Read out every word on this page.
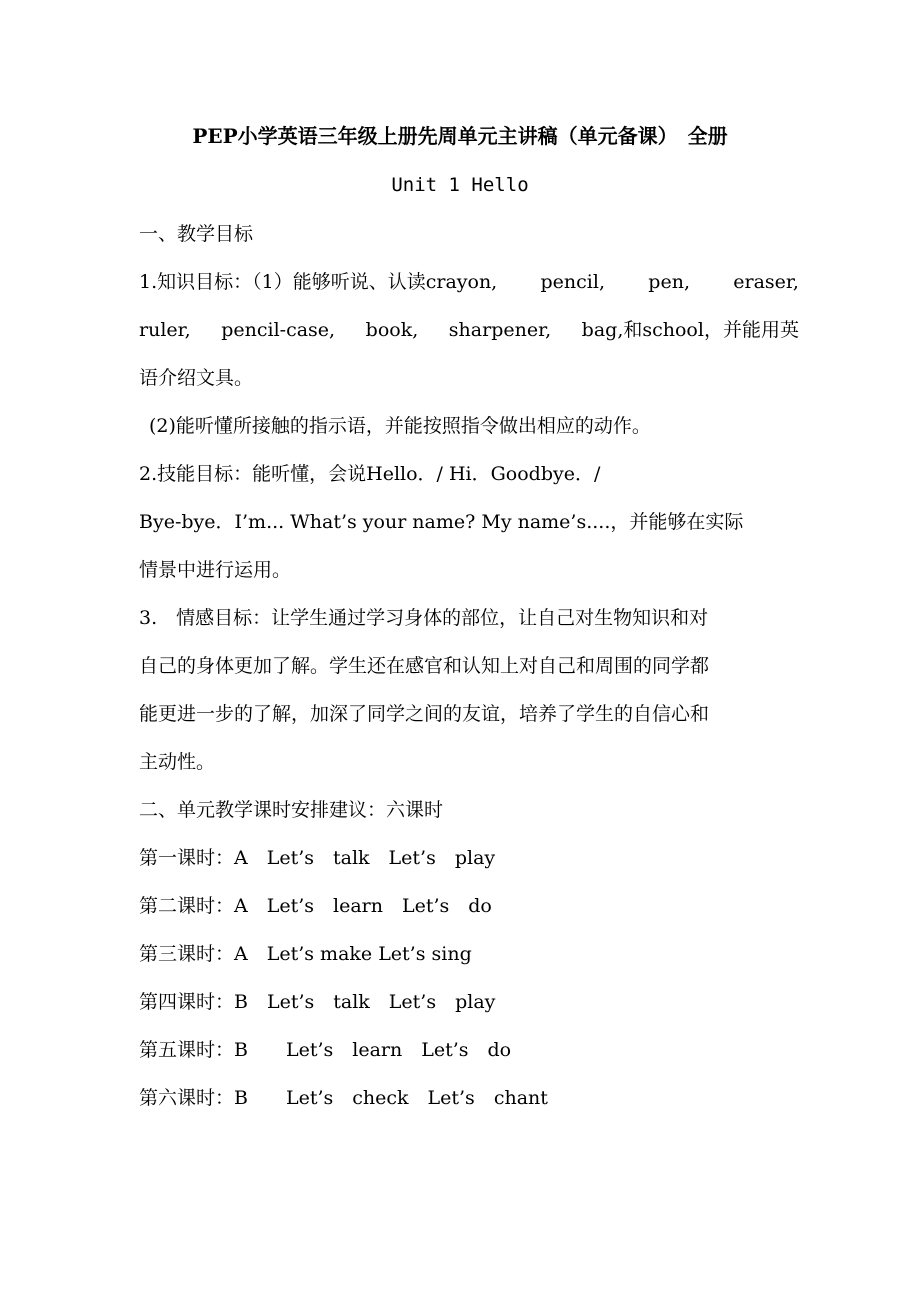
PEP小学英语三年级上册先周单元主讲稿（单元备课）　全册
Unit 1 Hello
一、教学目标
1.知识目标：（1）能够听说、认读crayon, pencil, pen, eraser,
ruler, pencil-case, book, sharpener, bag,和school，并能用英
语介绍文具。
(2)能听懂所接触的指示语，并能按照指令做出相应的动作。
2.技能目标：能听懂，会说Hello．/ Hi．Goodbye．/
Bye-bye．I’m... What’s your name? My name’s....，并能够在实际
情景中进行运用。
3.　情感目标：让学生通过学习身体的部位，让自己对生物知识和对
自己的身体更加了解。学生还在感官和认知上对自己和周围的同学都
能更进一步的了解，加深了同学之间的友谊，培养了学生的自信心和
主动性。
二、单元教学课时安排建议：六课时
第一课时：A　Let’s　talk　Let’s　play
第二课时：A　Let’s　learn　Let’s　do
第三课时：A　Let’s make Let’s sing
第四课时：B　Let’s　talk　Let’s　play
第五课时：B　　Let’s　learn　Let’s　do
第六课时：B　　Let’s　check　Let’s　chant
